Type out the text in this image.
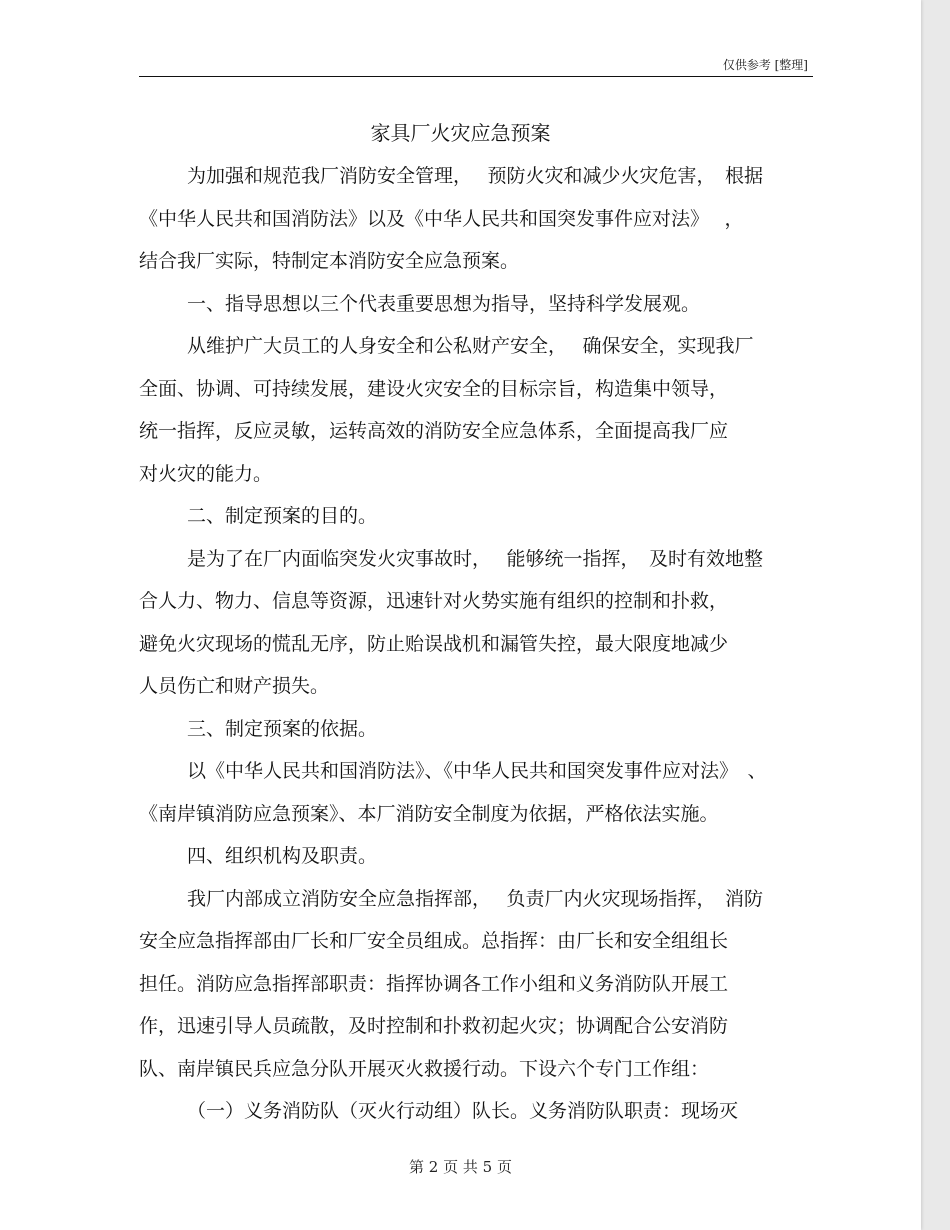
仅供参考 [整理]
家具厂火灾应急预案
为加强和规范我厂消防安全管理，　 预防火灾和减少火灾危害，　根据
《中华人民共和国消防法》以及《中华人民共和国突发事件应对法》　 ，
结合我厂实际，特制定本消防安全应急预案。
一、指导思想以三个代表重要思想为指导，坚持科学发展观。
从维护广大员工的人身安全和公私财产安全，　 确保安全，实现我厂
全面、协调、可持续发展，建设火灾安全的目标宗旨，构造集中领导，
统一指挥，反应灵敏，运转高效的消防安全应急体系，全面提高我厂应
对火灾的能力。
二、制定预案的目的。
是为了在厂内面临突发火灾事故时，　 能够统一指挥，　及时有效地整
合人力、物力、信息等资源，迅速针对火势实施有组织的控制和扑救，
避免火灾现场的慌乱无序，防止贻误战机和漏管失控，最大限度地减少
人员伤亡和财产损失。
三、制定预案的依据。
以《中华人民共和国消防法》、《中华人民共和国突发事件应对法》　、
《南岸镇消防应急预案》、本厂消防安全制度为依据，严格依法实施。
四、组织机构及职责。
我厂内部成立消防安全应急指挥部，　 负责厂内火灾现场指挥，　消防
安全应急指挥部由厂长和厂安全员组成。总指挥：由厂长和安全组组长
担任。消防应急指挥部职责：指挥协调各工作小组和义务消防队开展工
作，迅速引导人员疏散，及时控制和扑救初起火灾；协调配合公安消防
队、南岸镇民兵应急分队开展灭火救援行动。下设六个专门工作组：
（一）义务消防队（灭火行动组）队长。义务消防队职责：现场灭
第 2 页 共 5 页
